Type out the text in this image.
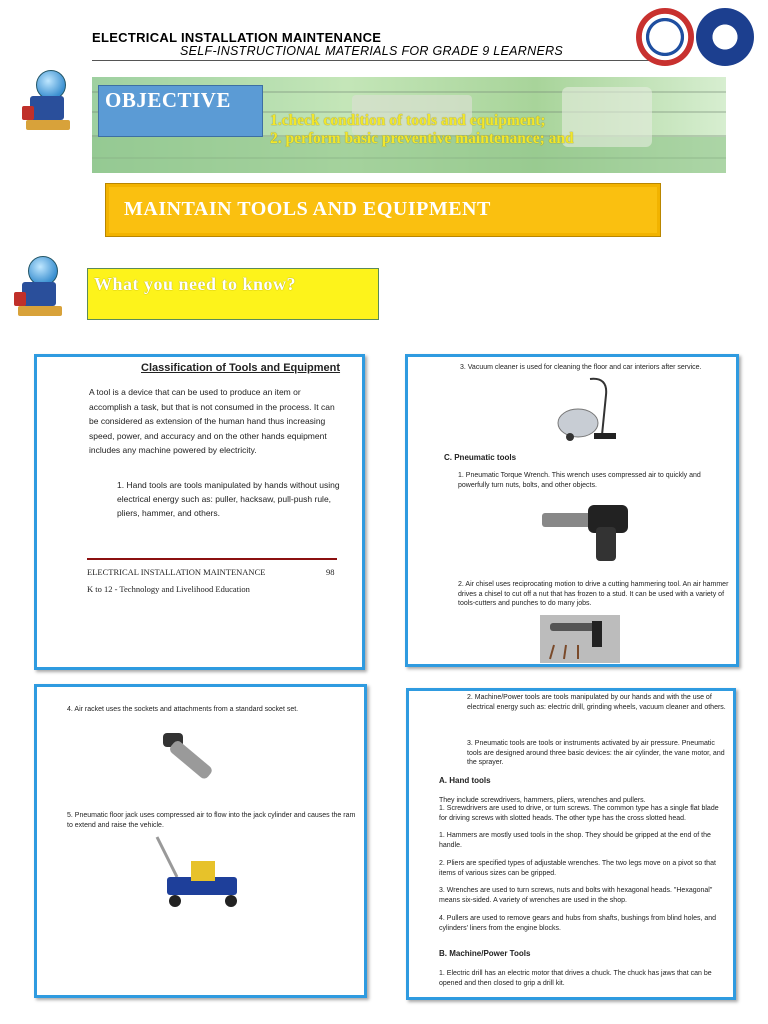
ELECTRICAL INSTALLATION MAINTENANCE
SELF-INSTRUCTIONAL MATERIALS FOR GRADE 9 LEARNERS
OBJECTIVE

1.check condition of tools and equipment;

2. perform basic preventive maintenance; and

MAINTAIN TOOLS AND EQUIPMENT
What you need to know?
Classification of Tools and Equipment
A tool is a device that can be used to produce an item or accomplish a task, but that is not consumed in the process. It can be considered as extension of the human hand thus increasing speed, power, and accuracy and on the other hands equipment includes any machine powered by electricity.
1. Hand tools are tools manipulated by hands without using electrical energy such as: puller, hacksaw, pull-push rule, pliers, hammer, and others.
ELECTRICAL INSTALLATION MAINTENANCE	98
K to 12 - Technology and Livelihood Education
3. Vacuum cleaner is used for cleaning the floor and car interiors after service.
C. Pneumatic tools
1. Pneumatic Torque Wrench. This wrench uses compressed air to quickly and powerfully turn nuts, bolts, and other objects.
2. Air chisel uses reciprocating motion to drive a cutting hammering tool. An air hammer drives a chisel to cut off a nut that has frozen to a stud. It can be used with a variety of tools-cutters and punches to do many jobs.
4. Air racket uses the sockets and attachments from a standard socket set.
5. Pneumatic floor jack uses compressed air to flow into the jack cylinder and causes the ram to extend and raise the vehicle.
2. Machine/Power tools are tools manipulated by our hands and with the use of electrical energy such as: electric drill, grinding wheels, vacuum cleaner and others.
3. Pneumatic tools are tools or instruments activated by air pressure. Pneumatic tools are designed around three basic devices: the air cylinder, the vane motor, and the sprayer.
A. Hand tools
They include screwdrivers, hammers, pliers, wrenches and pullers.
1. Screwdrivers are used to drive, or turn screws. The common type has a single flat blade for driving screws with slotted heads. The other type has the cross slotted head.
1. Hammers are mostly used tools in the shop. They should be gripped at the end of the handle.
2. Pliers are specified types of adjustable wrenches. The two legs move on a pivot so that items of various sizes can be gripped.
3. Wrenches are used to turn screws, nuts and bolts with hexagonal heads. "Hexagonal" means six-sided. A variety of wrenches are used in the shop.
4. Pullers are used to remove gears and hubs from shafts, bushings from blind holes, and cylinders' liners from the engine blocks.
B. Machine/Power Tools
1. Electric drill has an electric motor that drives a chuck. The chuck has jaws that can be opened and then closed to grip a drill kit.
